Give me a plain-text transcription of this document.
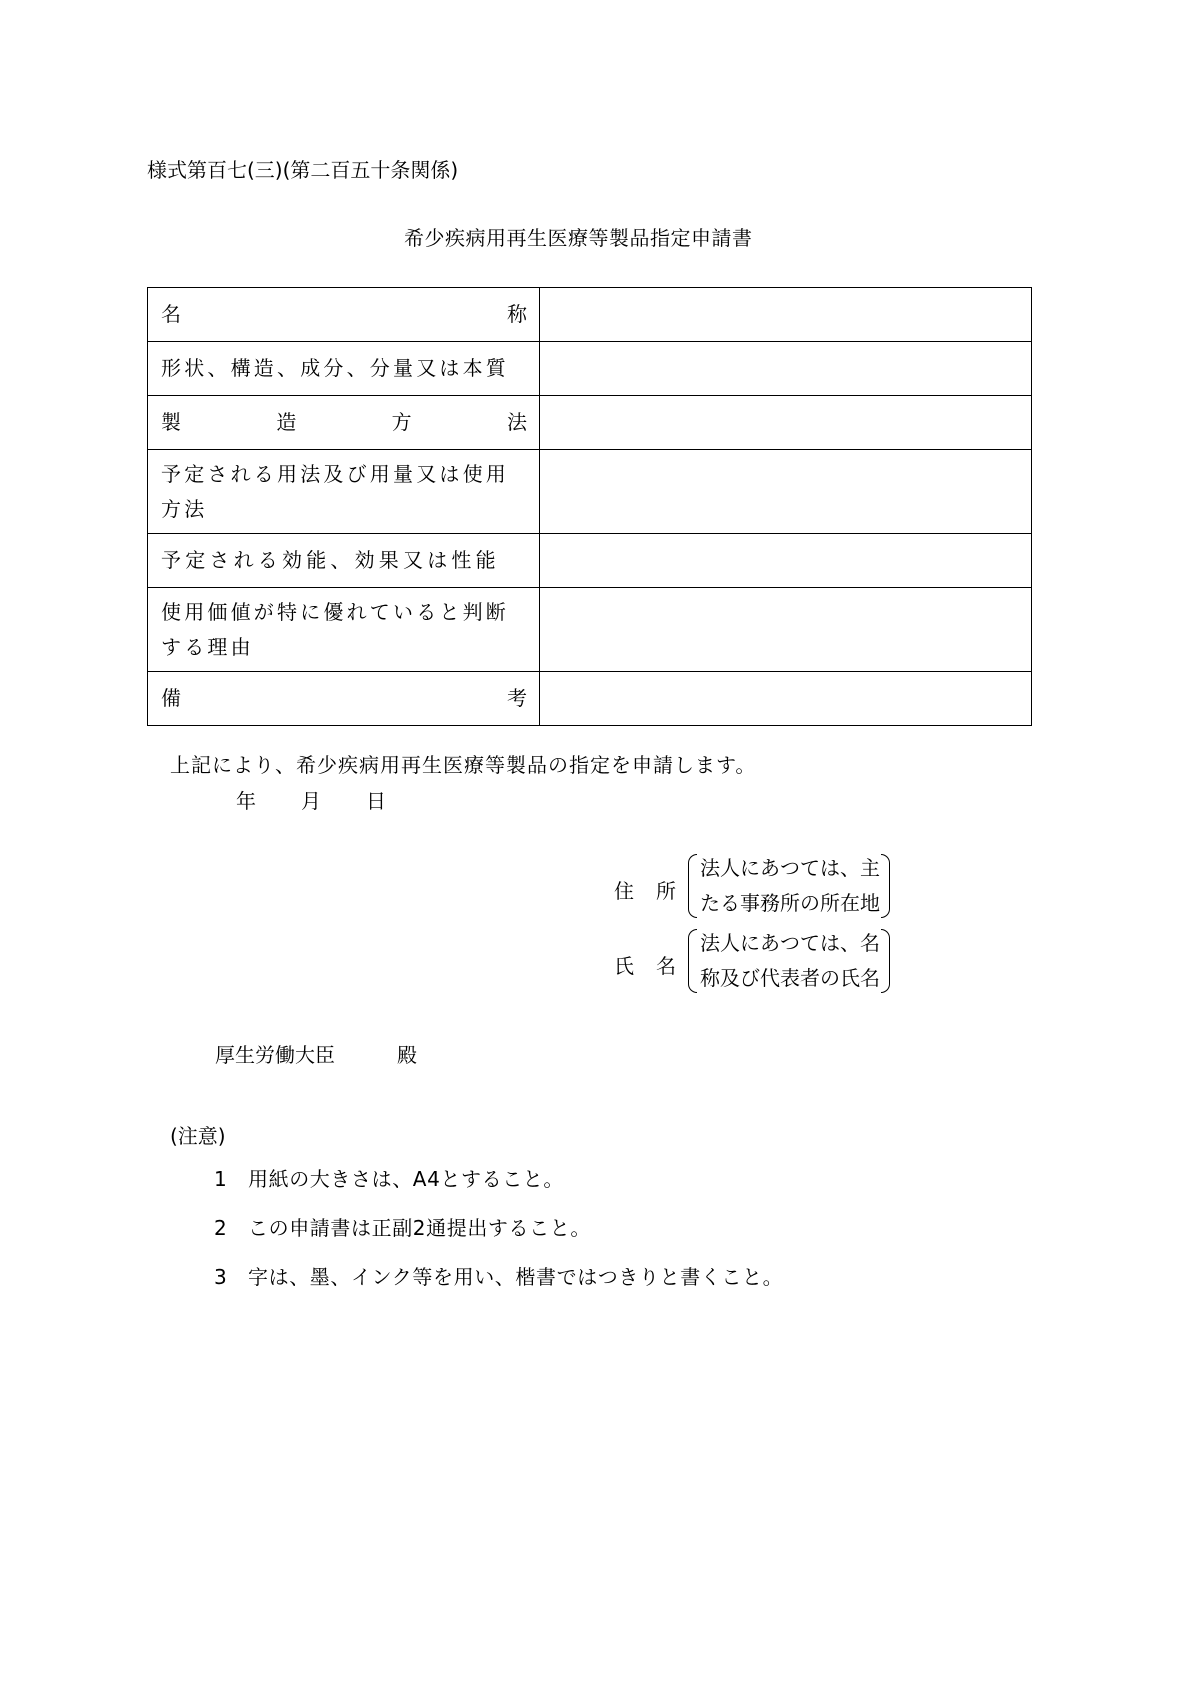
様式第百七(三)(第二百五十条関係)
希少疾病用再生医療等製品指定申請書
名 称	

形状、構造、成分、分量又は本質	

製 造 方 法	

予定される用法及び用量又は使用
方法	

予定される効能、効果又は性能	

使用価値が特に優れていると判断
する理由	

備 考	

上記により、希少疾病用再生医療等製品の指定を申請します。
年 月 日
住 所
法人にあつては、主
たる事務所の所在地
氏 名
法人にあつては、名
称及び代表者の氏名
厚生労働大臣	殿
(注意)
1 用紙の大きさは、A4とすること。
2 この申請書は正副2通提出すること。
3 字は、墨、インク等を用い、楷書ではつきりと書くこと。
